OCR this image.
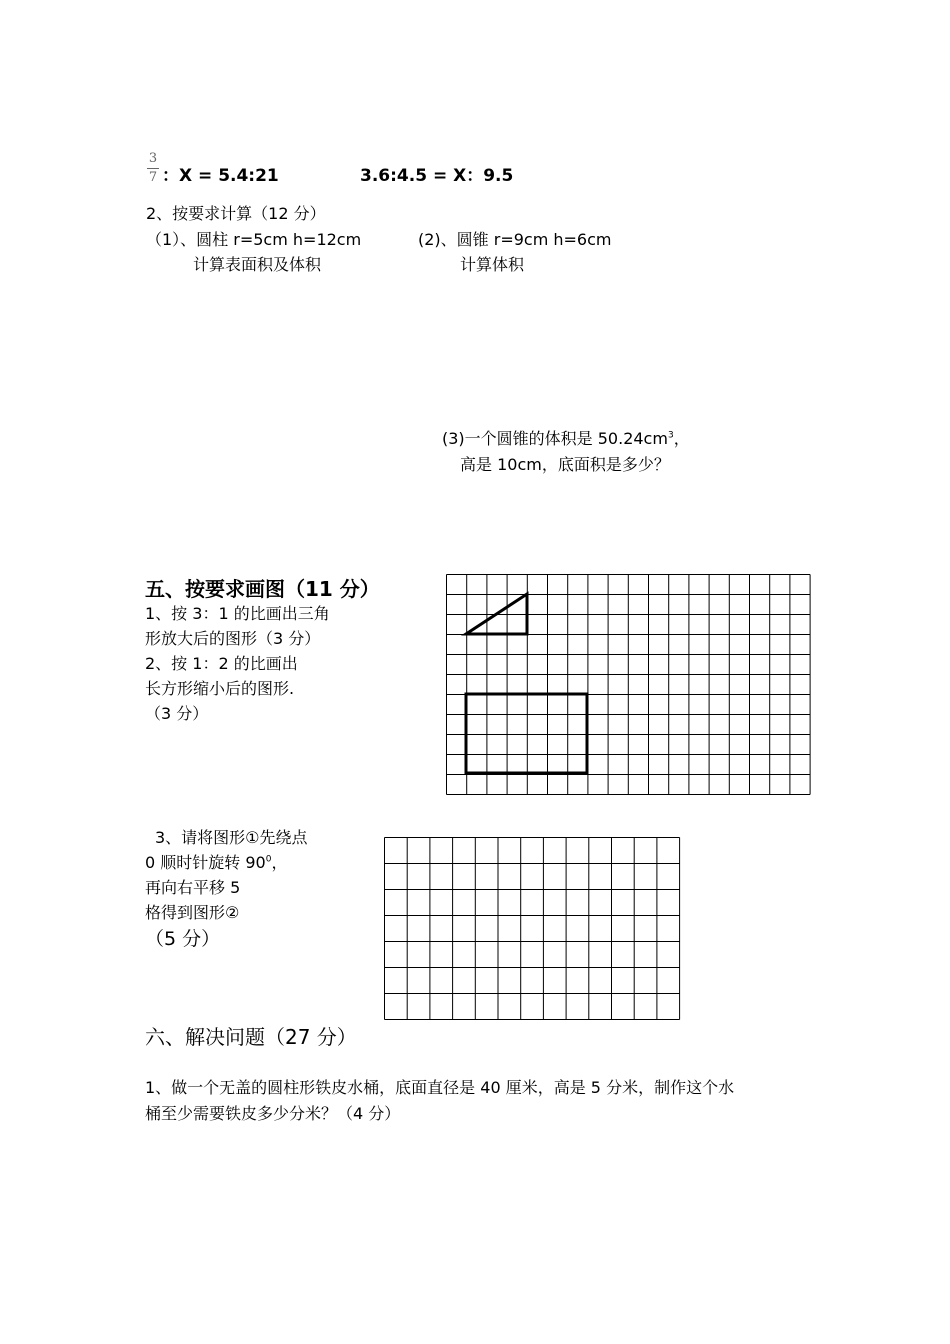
3
7 ：X = 5.4:21	3.6:4.5 = X：9.5
2、按要求计算（12 分）
（1）、圆柱 r=5cm h=12cm
计算表面积及体积
(2)、圆锥 r=9cm h=6cm
计算体积
(3)一个圆锥的体积是 $50.24cm^3$，
高是 10cm，底面积是多少？
五、按要求画图（11 分）
1、按 3：1 的比画出三角
形放大后的图形（3 分）
2、按 1：2 的比画出
长方形缩小后的图形.
（3 分）
3、请将图形①先绕点
0 顺时针旋转 $90^0$，
再向右平移 5
格得到图形②
（5 分）
六、解决问题（27 分）
1、做一个无盖的圆柱形铁皮水桶，底面直径是 40 厘米，高是 5 分米，制作这个水
桶至少需要铁皮多少分米？（4 分）
